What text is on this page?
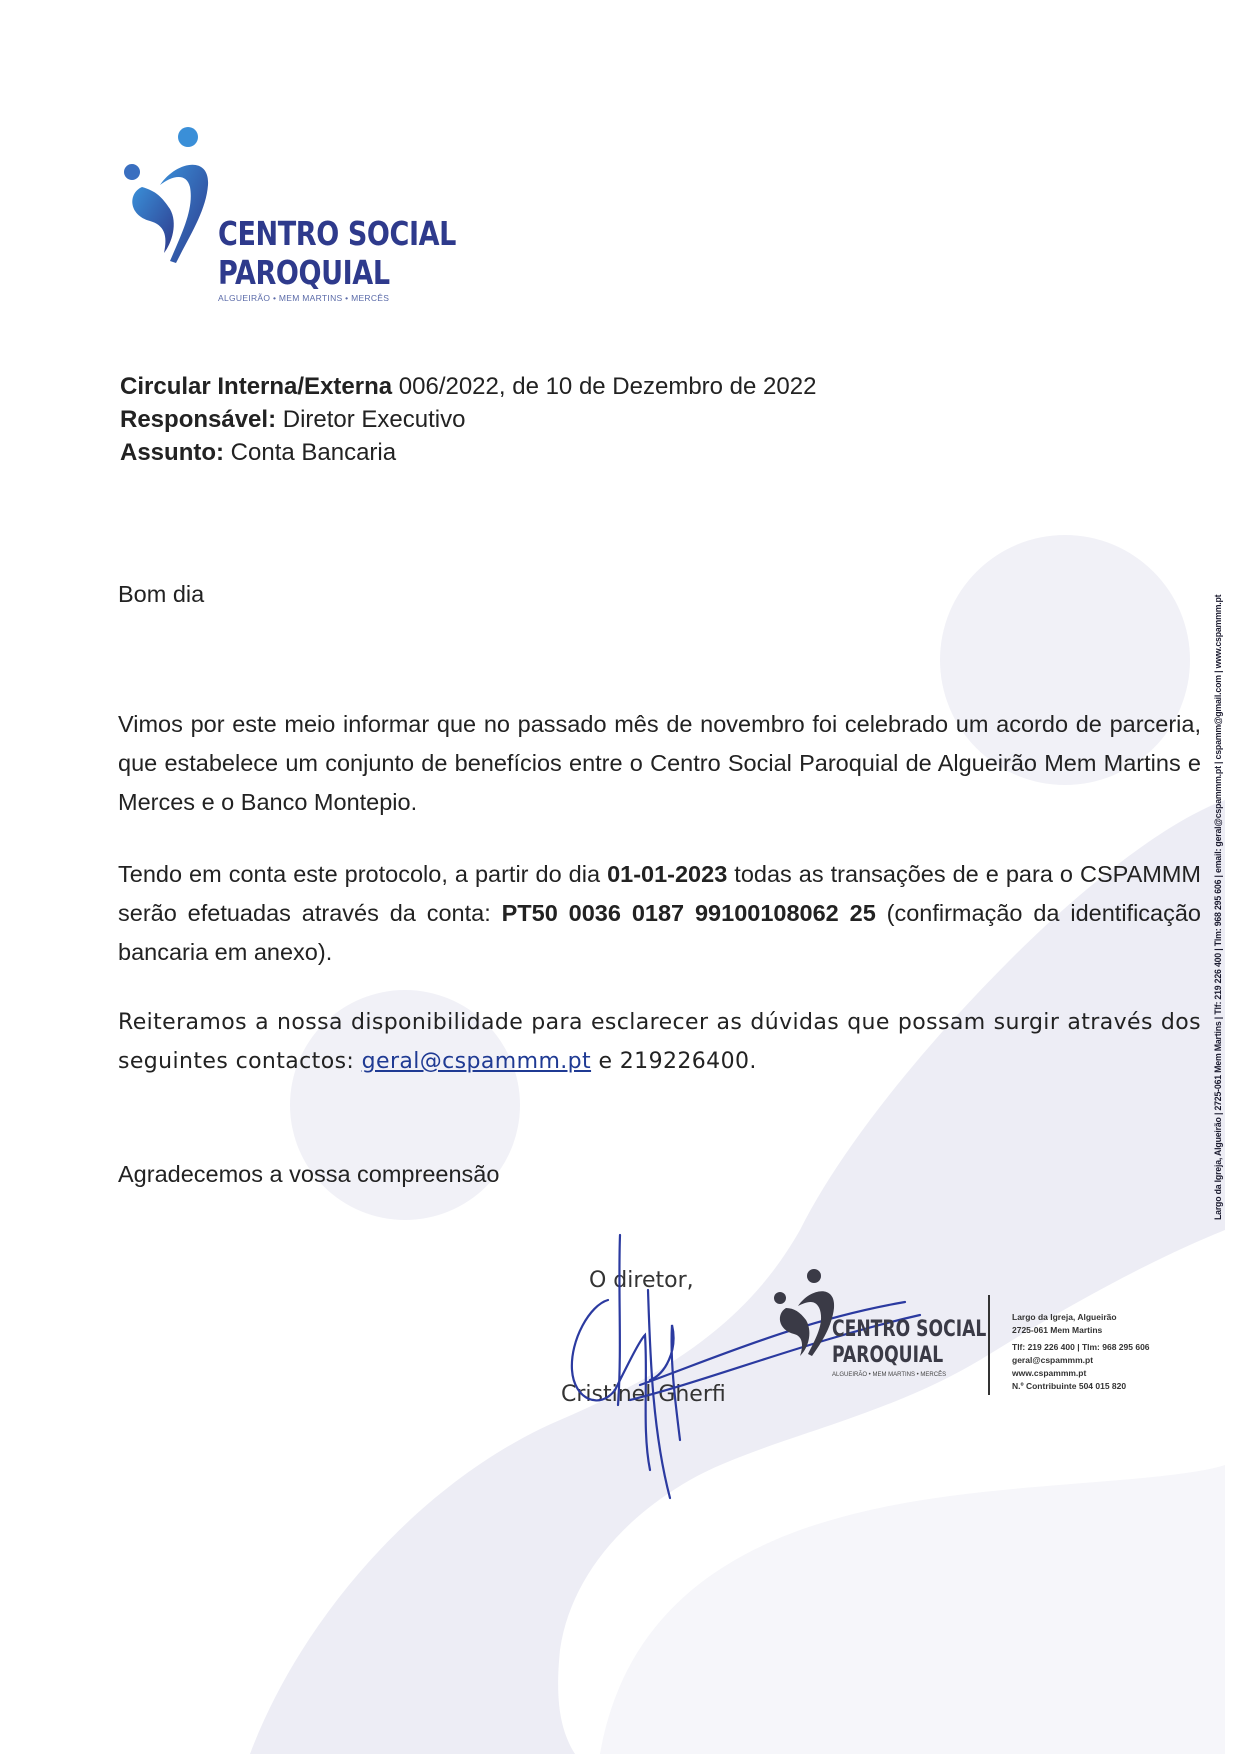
CENTRO SOCIAL
PAROQUIAL
ALGUEIRÃO • MEM MARTINS • MERCÊS
Circular Interna/Externa 006/2022, de 10 de Dezembro de 2022
Responsável: Diretor Executivo
Assunto: Conta Bancaria
Bom dia
Vimos por este meio informar que no passado mês de novembro foi celebrado um acordo de parceria, que estabelece um conjunto de benefícios entre o Centro Social Paroquial de Algueirão Mem Martins e Merces e o Banco Montepio.
Tendo em conta este protocolo, a partir do dia 01-01-2023 todas as transações de e para o CSPAMMM serão efetuadas através da conta: PT50 0036 0187 99100108062 25 (confirmação da identificação bancaria em anexo).
Reiteramos a nossa disponibilidade para esclarecer as dúvidas que possam surgir através dos seguintes contactos: geral@cspammm.pt e 219226400.
Agradecemos a vossa compreensão
O diretor,
Cristinel Gherfi
CENTRO SOCIAL
PAROQUIAL
ALGUEIRÃO • MEM MARTINS • MERCÊS
Largo da Igreja, Algueirão
2725-061 Mem Martins
Tlf: 219 226 400 | Tlm: 968 295 606
geral@cspammm.pt
www.cspammm.pt
N.º Contribuinte 504 015 820
Largo da Igreja, Algueirão | 2725-061 Mem Martins | Tlf: 219 226 400 | Tlm: 968 295 606 | email: geral@cspammm.pt | cspamm@gmail.com | www.cspammm.pt
